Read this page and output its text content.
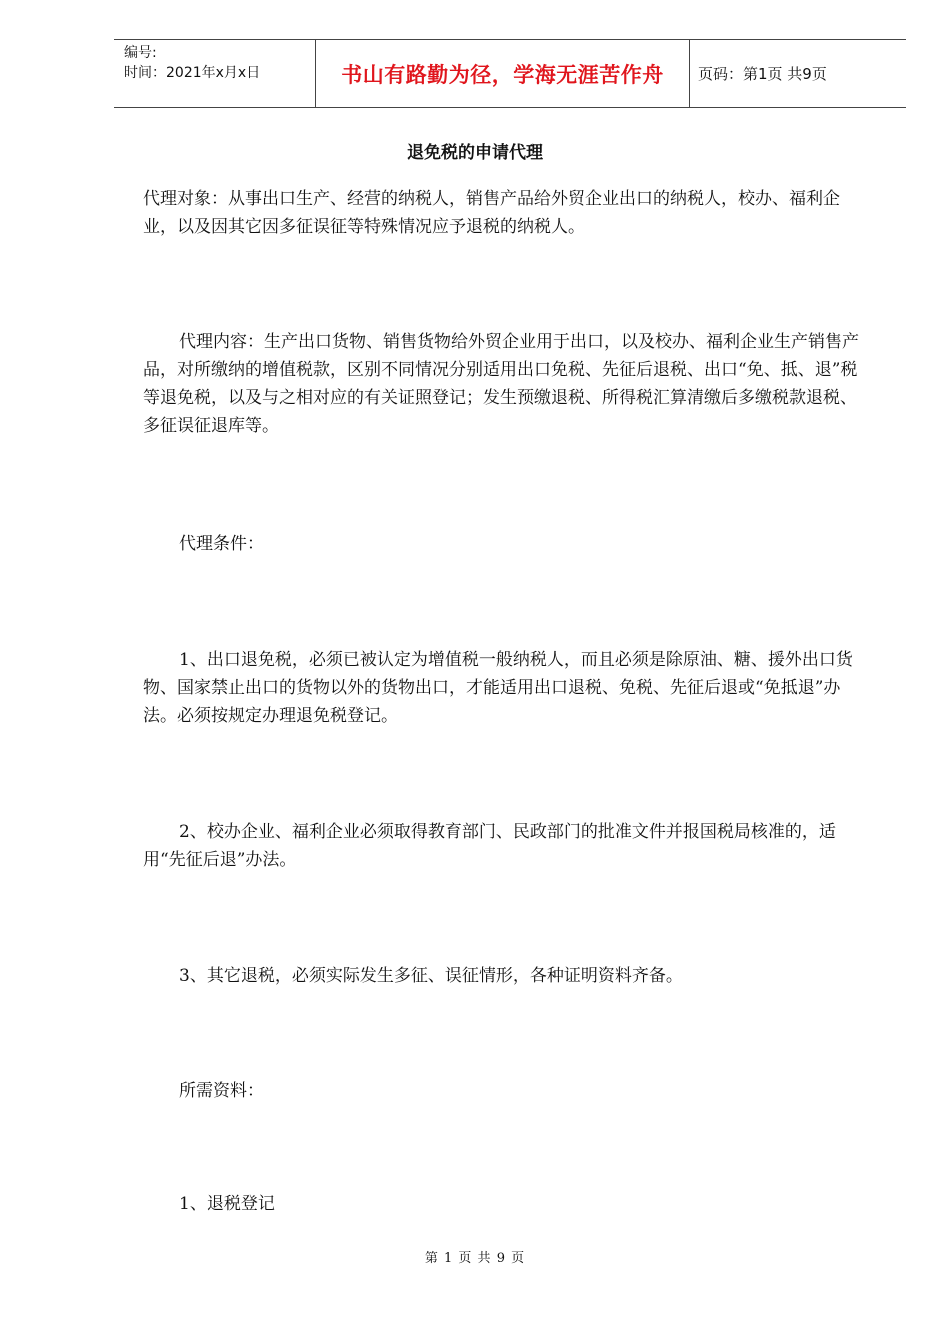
编号:
时间：2021年x月x日	书山有路勤为径，学海无涯苦作舟 页码：第1页 共9页
退免税的申请代理
代理对象：从事出口生产、经营的纳税人，销售产品给外贸企业出口的纳税人，校办、福利企业，以及因其它因多征误征等特殊情况应予退税的纳税人。
代理内容：生产出口货物、销售货物给外贸企业用于出口，以及校办、福利企业生产销售产品，对所缴纳的增值税款，区别不同情况分别适用出口免税、先征后退税、出口“免、抵、退”税等退免税，以及与之相对应的有关证照登记；发生预缴退税、所得税汇算清缴后多缴税款退税、多征误征退库等。
代理条件：
1、出口退免税，必须已被认定为增值税一般纳税人，而且必须是除原油、糖、援外出口货物、国家禁止出口的货物以外的货物出口，才能适用出口退税、免税、先征后退或“免抵退”办法。必须按规定办理退免税登记。
2、校办企业、福利企业必须取得教育部门、民政部门的批准文件并报国税局核准的，适用“先征后退”办法。
3、其它退税，必须实际发生多征、误征情形，各种证明资料齐备。
所需资料：
1、退税登记
第 1 页 共 9 页
